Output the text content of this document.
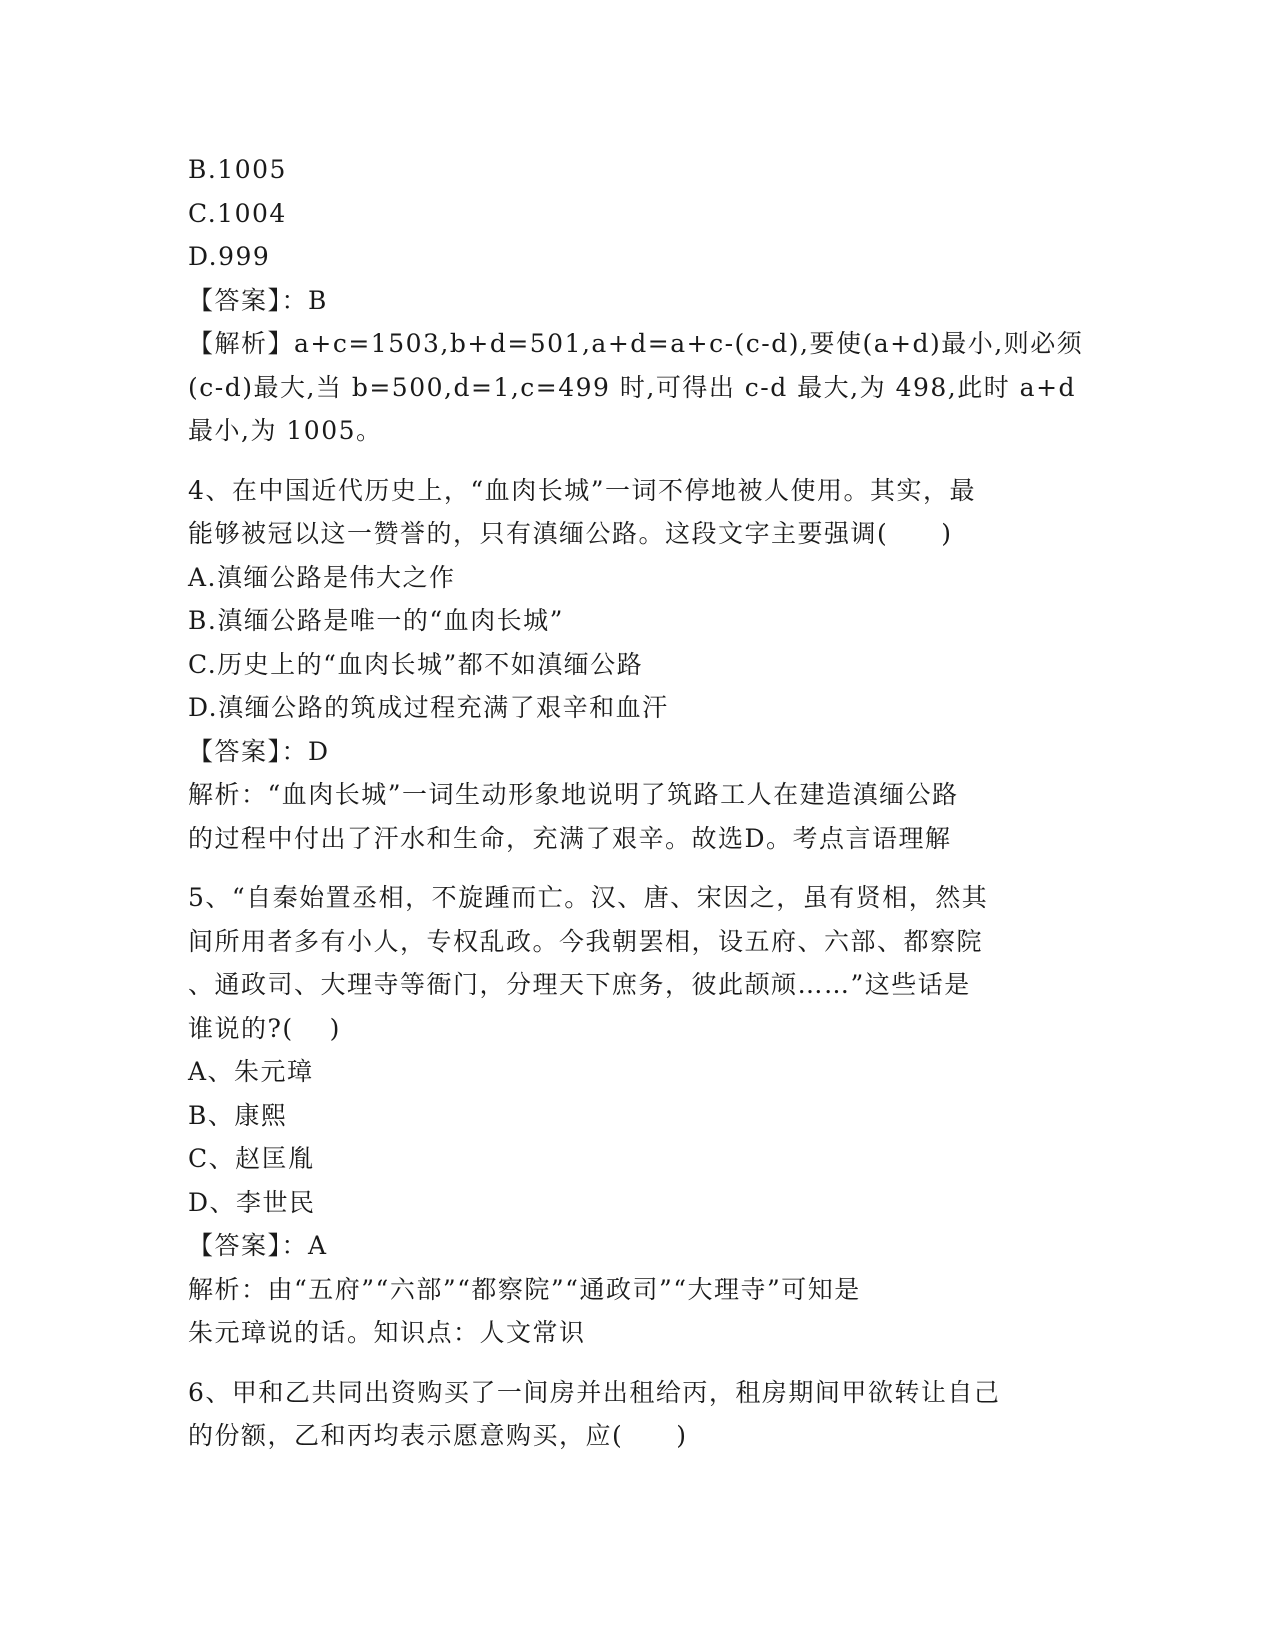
B.1005

C.1004

D.999

【答案】：B

【解析】a+c=1503,b+d=501,a+d=a+c-(c-d),要使(a+d)最小,则必须

(c-d)最大,当 b=500,d=1,c=499 时,可得出 c-d 最大,为 498,此时 a+d

最小,为 1005。

4、在中国近代历史上，“血肉长城”一词不停地被人使用。其实，最

能够被冠以这一赞誉的，只有滇缅公路。这段文字主要强调(　　)

A.滇缅公路是伟大之作

B.滇缅公路是唯一的“血肉长城”

C.历史上的“血肉长城”都不如滇缅公路

D.滇缅公路的筑成过程充满了艰辛和血汗

【答案】：D

解析：“血肉长城”一词生动形象地说明了筑路工人在建造滇缅公路

的过程中付出了汗水和生命，充满了艰辛。故选D。考点言语理解

5、“自秦始置丞相，不旋踵而亡。汉、唐、宋因之，虽有贤相，然其

间所用者多有小人，专权乱政。今我朝罢相，设五府、六部、都察院

、通政司、大理寺等衙门，分理天下庶务，彼此颉颃……”这些话是

谁说的?(　 )

A、朱元璋

B、康熙

C、赵匡胤

D、李世民

【答案】：A

解析：由“五府”“六部”“都察院”“通政司”“大理寺”可知是

朱元璋说的话。知识点：人文常识

6、甲和乙共同出资购买了一间房并出租给丙，租房期间甲欲转让自己

的份额，乙和丙均表示愿意购买，应(　　)
